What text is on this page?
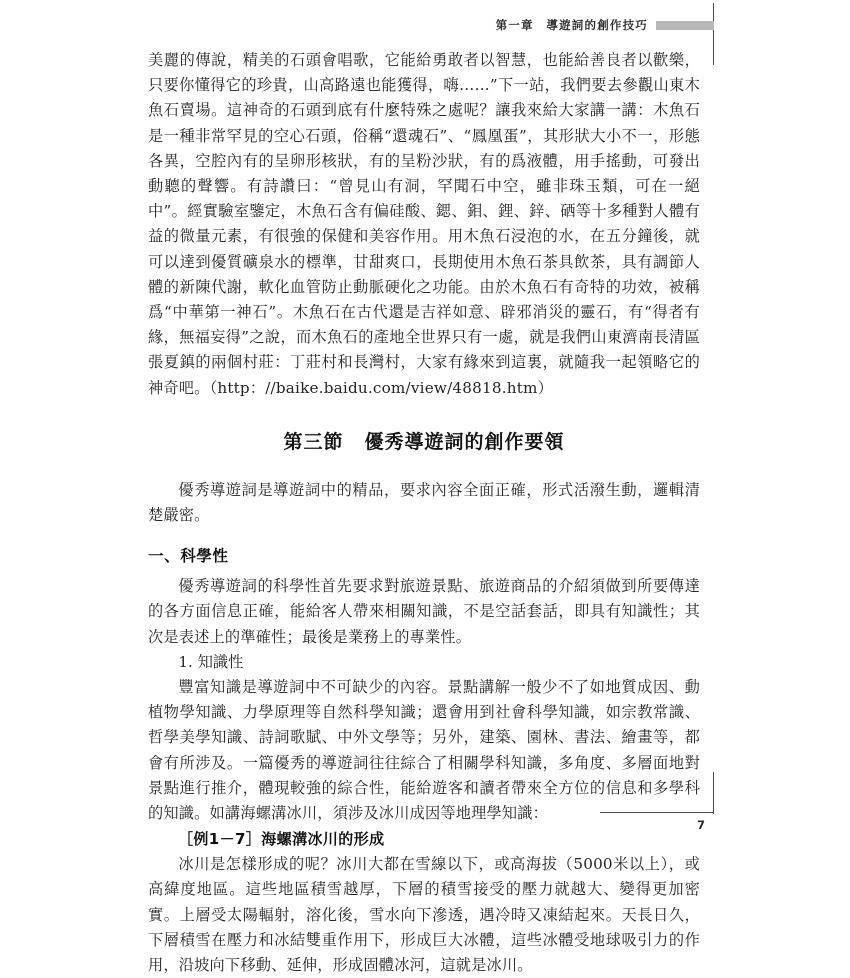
第一章　導遊詞的創作技巧

美麗的傳說，精美的石頭會唱歌，它能給勇敢者以智慧，也能給善良者以歡樂，只要你懂得它的珍貴，山高路遠也能獲得，嗨……”下一站，我們要去參觀山東木魚石賣場。這神奇的石頭到底有什麼特殊之處呢？讓我來給大家講一講：木魚石是一種非常罕見的空心石頭，俗稱“還魂石”、“鳳凰蛋”，其形狀大小不一，形態各異，空腔內有的呈卵形核狀，有的呈粉沙狀，有的爲液體，用手搖動，可發出動聽的聲響。有詩讚曰：“曾見山有洞，罕聞石中空，雖非珠玉類，可在一絕中”。經實驗室鑒定，木魚石含有偏硅酸、鍶、鉬、鋰、鋅、硒等十多種對人體有益的微量元素，有很強的保健和美容作用。用木魚石浸泡的水，在五分鐘後，就可以達到優質礦泉水的標準，甘甜爽口，長期使用木魚石茶具飲茶，具有調節人體的新陳代謝，軟化血管防止動脈硬化之功能。由於木魚石有奇特的功效，被稱爲“中華第一神石”。木魚石在古代還是吉祥如意、辟邪消災的靈石，有“得者有緣，無福妄得”之說，而木魚石的產地全世界只有一處，就是我們山東濟南長清區張夏鎮的兩個村莊：丁莊村和長灣村，大家有緣來到這裏，就隨我一起領略它的神奇吧。（http：//baike.baidu.com/view/48818.htm）

第三節 優秀導遊詞的創作要領

優秀導遊詞是導遊詞中的精品，要求內容全面正確，形式活潑生動，邏輯清楚嚴密。

一、科學性

優秀導遊詞的科學性首先要求對旅遊景點、旅遊商品的介紹須做到所要傳達的各方面信息正確，能給客人帶來相關知識，不是空話套話，即具有知識性；其次是表述上的準確性；最後是業務上的專業性。

1. 知識性

豐富知識是導遊詞中不可缺少的內容。景點講解一般少不了如地質成因、動植物學知識、力學原理等自然科學知識；還會用到社會科學知識，如宗教常識、哲學美學知識、詩詞歌賦、中外文學等；另外，建築、園林、書法、繪畫等，都會有所涉及。一篇優秀的導遊詞往往綜合了相關學科知識，多角度、多層面地對景點進行推介，體現較強的綜合性，能給遊客和讀者帶來全方位的信息和多學科的知識。如講海螺溝冰川，須涉及冰川成因等地理學知識：

［例1－7］海螺溝冰川的形成

冰川是怎樣形成的呢？冰川大都在雪線以下，或高海拔（5000米以上），或高緯度地區。這些地區積雪越厚，下層的積雪接受的壓力就越大、變得更加密實。上層受太陽輻射，溶化後，雪水向下滲透，遇冷時又凍結起來。天長日久，下層積雪在壓力和冰結雙重作用下，形成巨大冰體，這些冰體受地球吸引力的作用，沿坡向下移動、延伸，形成固體冰河，這就是冰川。

7
